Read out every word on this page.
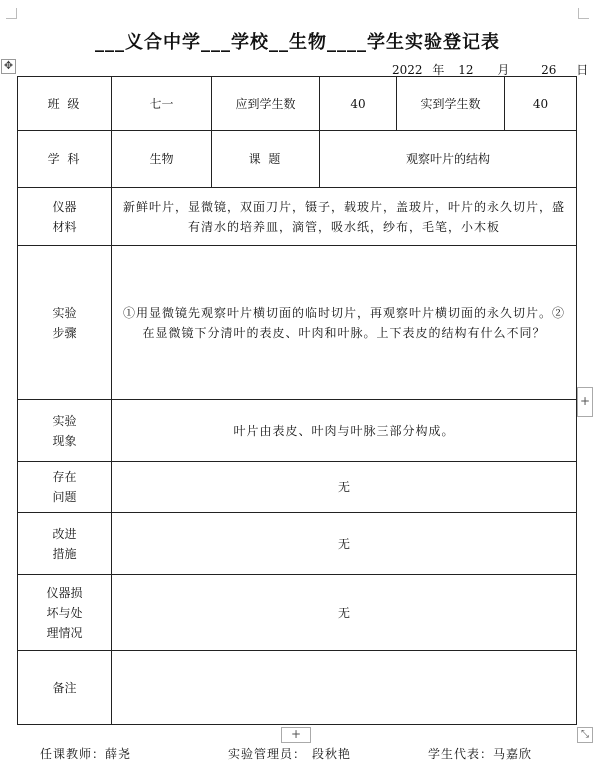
___义合中学___学校__生物____学生实验登记表
✥	2022 年 12 月	26 日
班 级	七一	应到学生数	40	实到学生数	40
学 科	生物	课 题	观察叶片的结构		

仪器
材料	新鲜叶片，显微镜，双面刀片，镊子，载玻片，盖玻片，叶片的永久切片，盛有清水的培养皿，滴管，吸水纸，纱布，毛笔，小木板				

实验
步骤	①用显微镜先观察叶片横切面的临时切片，再观察叶片横切面的永久切片。②在显微镜下分清叶的表皮、叶肉和叶脉。上下表皮的结构有什么不同？				

实验
现象	叶片由表皮、叶肉与叶脉三部分构成。				

存在
问题	无				

改进
措施	无				

仪器损
坏与处
理情况	无				
备注					
+
+	⤡
任课教师：薛尧	实验管理员： 段秋艳	学生代表：马嘉欣
